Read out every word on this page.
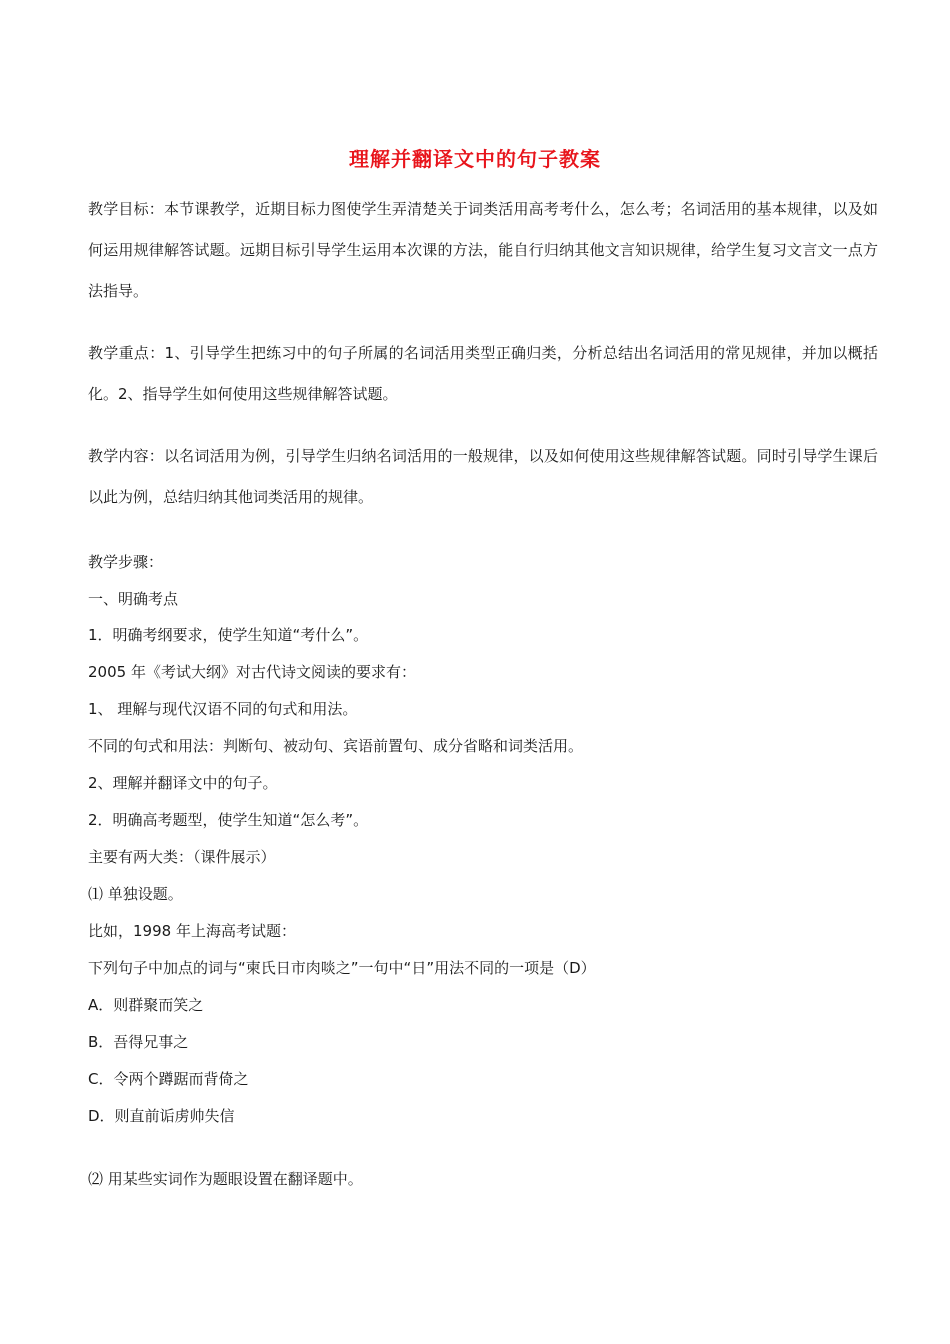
理解并翻译文中的句子教案
教学目标：本节课教学，近期目标力图使学生弄清楚关于词类活用高考考什么，怎么考；名词活用的基本规律，以及如何运用规律解答试题。远期目标引导学生运用本次课的方法，能自行归纳其他文言知识规律，给学生复习文言文一点方法指导。
教学重点：1、引导学生把练习中的句子所属的名词活用类型正确归类，分析总结出名词活用的常见规律，并加以概括化。2、指导学生如何使用这些规律解答试题。
教学内容：以名词活用为例，引导学生归纳名词活用的一般规律，以及如何使用这些规律解答试题。同时引导学生课后以此为例，总结归纳其他词类活用的规律。
教学步骤：
一、明确考点
1．明确考纲要求，使学生知道“考什么”。
2005 年《考试大纲》对古代诗文阅读的要求有：
1、 理解与现代汉语不同的句式和用法。
不同的句式和用法：判断句、被动句、宾语前置句、成分省略和词类活用。
2、理解并翻译文中的句子。
2．明确高考题型，使学生知道“怎么考”。
主要有两大类：（课件展示）
⑴ 单独设题。
比如，1998 年上海高考试题：
下列句子中加点的词与“柬氏日市肉啖之”一句中“日”用法不同的一项是（D）
A．则群聚而笑之
B．吾得兄事之
C．令两个蹲踞而背倚之
D．则直前诟虏帅失信
⑵ 用某些实词作为题眼设置在翻译题中。
